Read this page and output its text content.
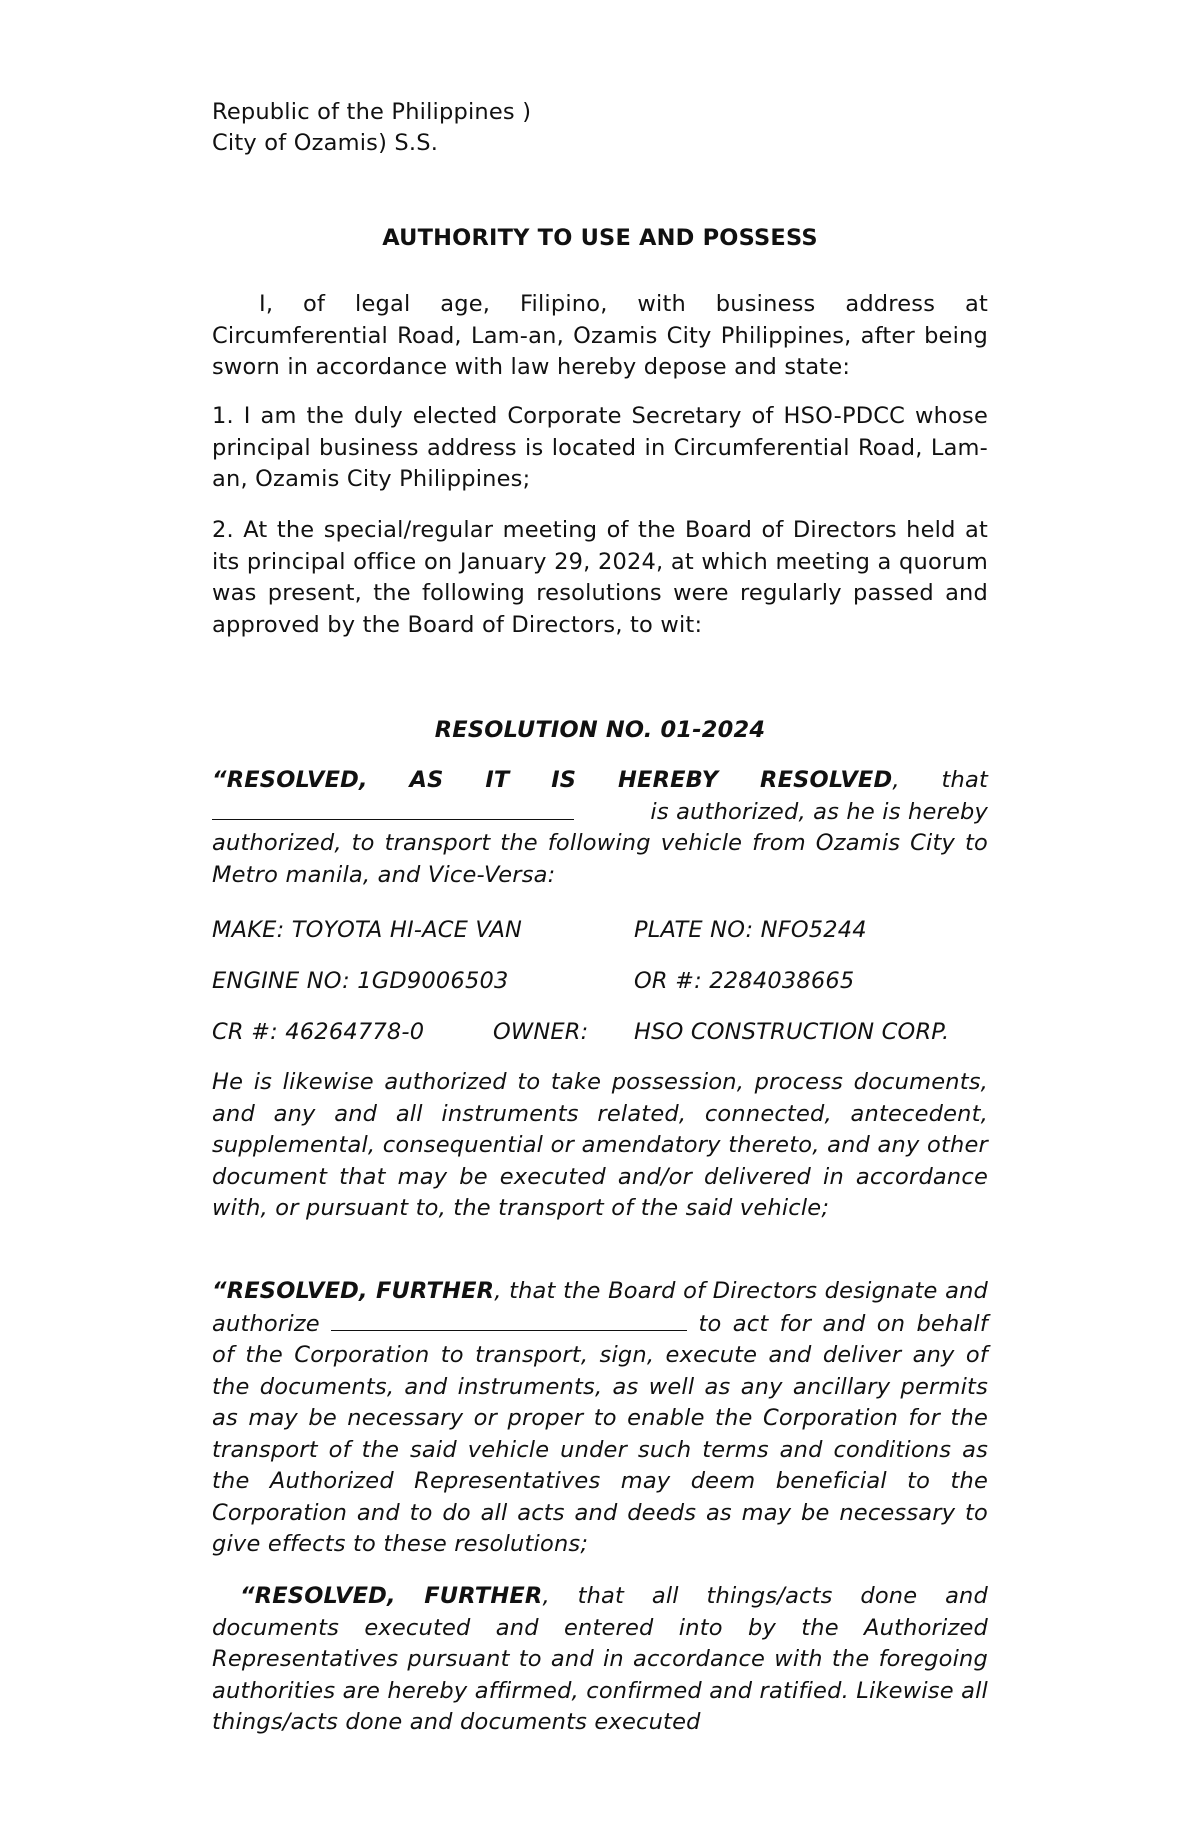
Republic of the Philippines )
City of Ozamis) S.S.
AUTHORITY TO USE AND POSSESS
I, of legal age, Filipino, with business address at Circumferential Road, Lam-an, Ozamis City Philippines, after being sworn in accordance with law hereby depose and state:
1. I am the duly elected Corporate Secretary of HSO-PDCC whose principal business address is located in Circumferential Road, Lam-an, Ozamis City Philippines;
2. At the special/regular meeting of the Board of Directors held at its principal office on January 29, 2024, at which meeting a quorum was present, the following resolutions were regularly passed and approved by the Board of Directors, to wit:
RESOLUTION NO. 01-2024
“RESOLVED, AS IT IS HEREBY RESOLVED, that
is authorized, as he is hereby
authorized, to transport the following vehicle from Ozamis City to Metro manila, and Vice-Versa:
MAKE: TOYOTA HI-ACE VAN	PLATE NO: NFO5244
ENGINE NO: 1GD9006503	OR #: 2284038665
CR #: 46264778-0	OWNER: HSO CONSTRUCTION CORP.
He is likewise authorized to take possession, process documents, and any and all instruments related, connected, antecedent, supplemental, consequential or amendatory thereto, and any other document that may be executed and/or delivered in accordance with, or pursuant to, the transport of the said vehicle;
“RESOLVED, FURTHER, that the Board of Directors designate and authorize	to act for and on behalf of the Corporation to transport, sign, execute and deliver any of the documents, and instruments, as well as any ancillary permits as may be necessary or proper to enable the Corporation for the transport of the said vehicle under such terms and conditions as the Authorized Representatives may deem beneficial to the Corporation and to do all acts and deeds as may be necessary to give effects to these resolutions;
“RESOLVED, FURTHER, that all things/acts done and documents executed and entered into by the Authorized Representatives pursuant to and in accordance with the foregoing authorities are hereby affirmed, confirmed and ratified. Likewise all things/acts done and documents executed
